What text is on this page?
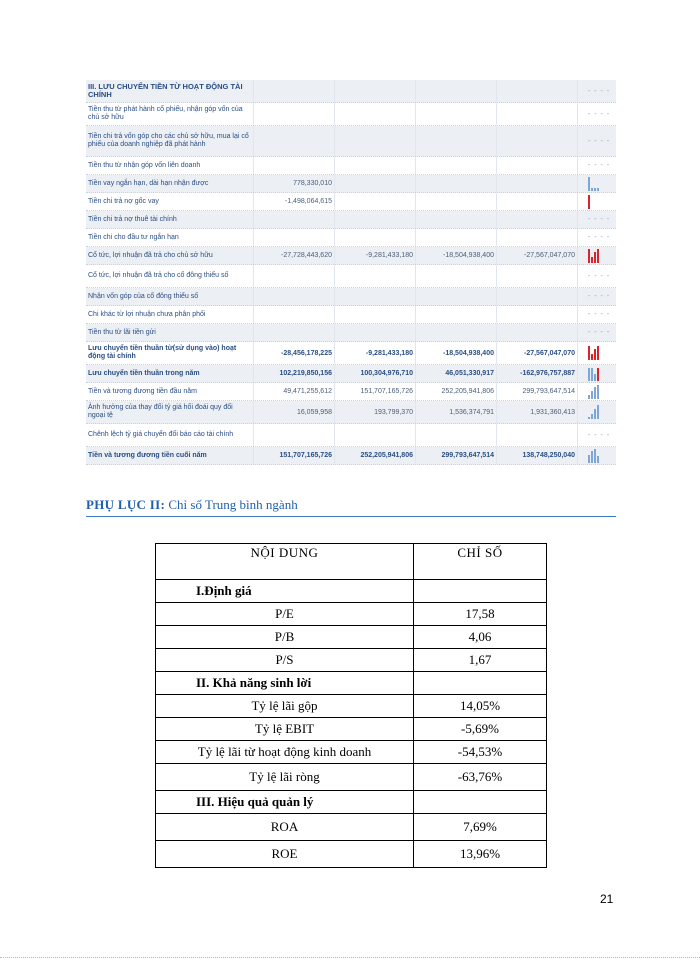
III. LƯU CHUYỂN TIỀN TỪ HOẠT ĐỘNG TÀI CHÍNH	- - - -
Tiền thu từ phát hành cổ phiếu, nhận góp vốn của chủ sở hữu	- - - -
Tiền chi trả vốn góp cho các chủ sở hữu, mua lại cổ phiếu của doanh nghiệp đã phát hành	- - - -
Tiền thu từ nhận góp vốn liên doanh	- - - -
Tiền vay ngắn hạn, dài hạn nhận được	778,330,010
Tiền chi trả nợ gốc vay	-1,498,064,615
Tiền chi trả nợ thuê tài chính	- - - -
Tiền chi cho đầu tư ngắn hạn	- - - -
Cổ tức, lợi nhuận đã trả cho chủ sở hữu	-27,728,443,620	-9,281,433,180	-18,504,938,400	-27,567,047,070
Cổ tức, lợi nhuận đã trả cho cổ đông thiểu số	- - - -
Nhận vốn góp của cổ đông thiểu số	- - - -
Chi khác từ lợi nhuận chưa phân phối	- - - -
Tiền thu từ lãi tiền gửi	- - - -
Lưu chuyển tiền thuần từ(sử dụng vào) hoạt động tài chính	-28,456,178,225	-9,281,433,180	-18,504,938,400	-27,567,047,070
Lưu chuyển tiền thuần trong năm	102,219,850,156	100,304,976,710	46,051,330,917	-162,976,757,887
Tiền và tương đương tiền đầu năm	49,471,255,612	151,707,165,726	252,205,941,806	299,793,647,514
Ảnh hưởng của thay đổi tỷ giá hối đoái quy đổi ngoại tệ	16,059,958	193,799,370	1,536,374,791	1,931,360,413
Chênh lệch tỷ giá chuyển đổi báo cáo tài chính	- - - -
Tiền và tương đương tiền cuối năm	151,707,165,726	252,205,941,806	299,793,647,514	138,748,250,040
PHỤ LỤC II: Chỉ số Trung bình ngành
NỘI DUNG	CHỈ SỐ
I.Định giá	
P/E	17,58
P/B	4,06
P/S	1,67
II. Khả năng sinh lời	
Tỷ lệ lãi gộp	14,05%
Tỷ lệ EBIT	-5,69%
Tỷ lệ lãi từ hoạt động kinh doanh	-54,53%
Tỷ lệ lãi ròng	-63,76%
III. Hiệu quả quản lý	
ROA	7,69%
ROE	13,96%
21
